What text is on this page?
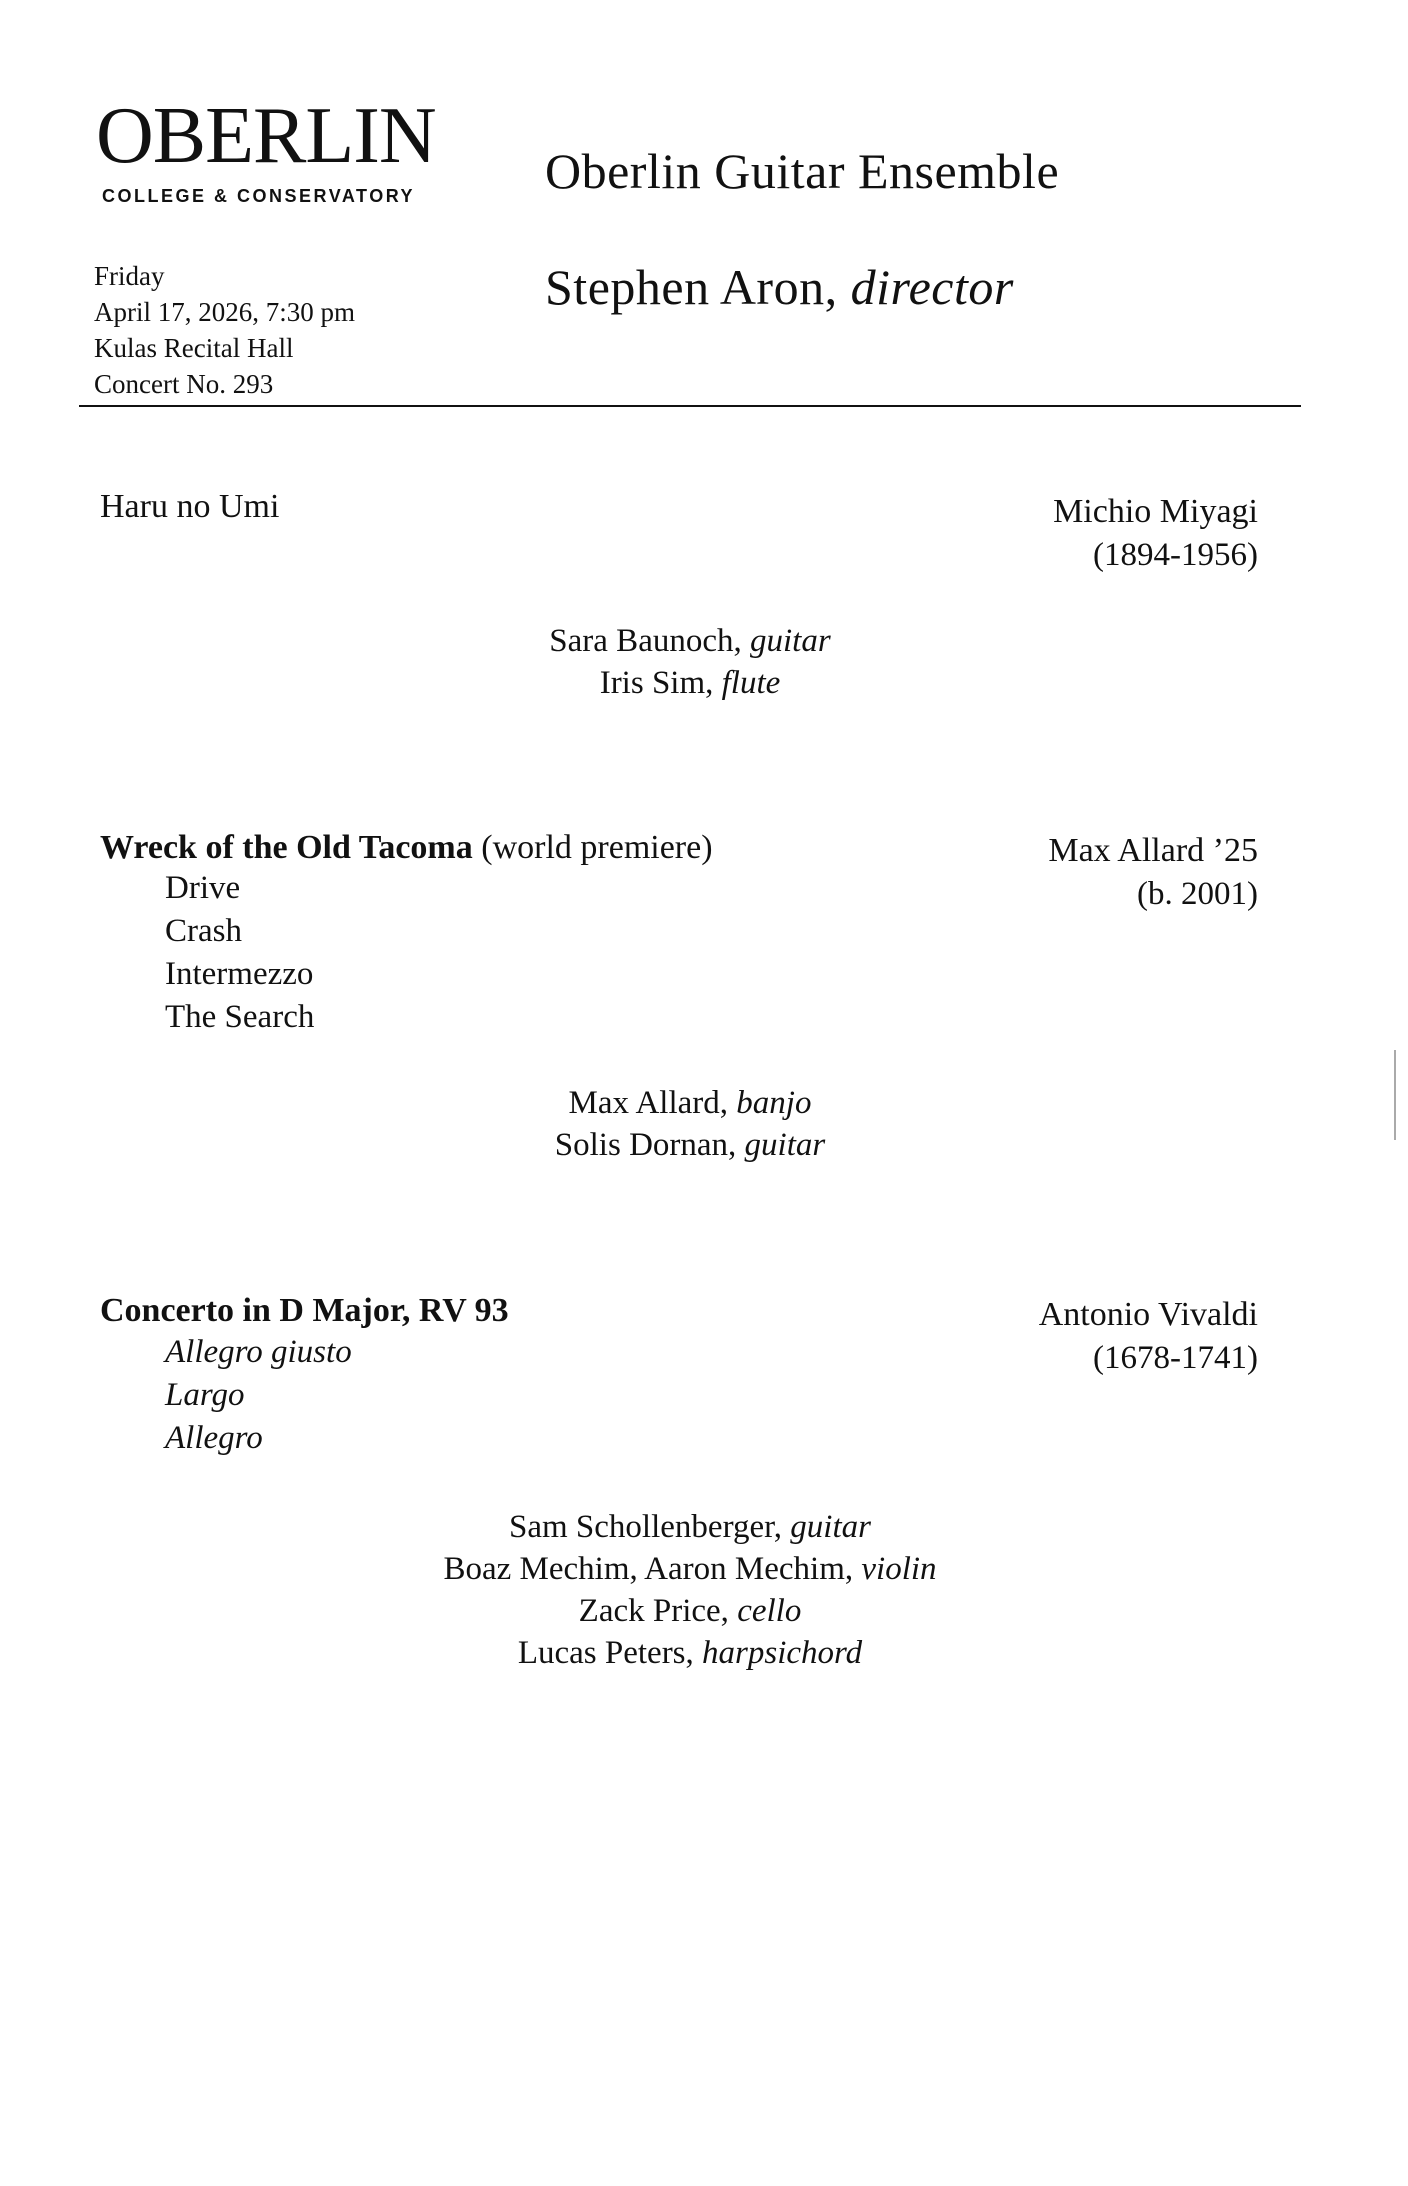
OBERLIN
COLLEGE & CONSERVATORY	Oberlin Guitar Ensemble
Stephen Aron, director
Friday
April 17, 2026, 7:30 pm
Kulas Recital Hall
Concert No. 293
Haru no Umi	Michio Miyagi
(1894-1956)
Sara Baunoch, guitar
Iris Sim, flute
Wreck of the Old Tacoma (world premiere)	Max Allard ’25
(b. 2001)
Drive
Crash
Intermezzo
The Search
Max Allard, banjo
Solis Dornan, guitar
Concerto in D Major, RV 93	Antonio Vivaldi
(1678-1741)
Allegro giusto
Largo
Allegro
Sam Schollenberger, guitar
Boaz Mechim, Aaron Mechim, violin
Zack Price, cello
Lucas Peters, harpsichord
